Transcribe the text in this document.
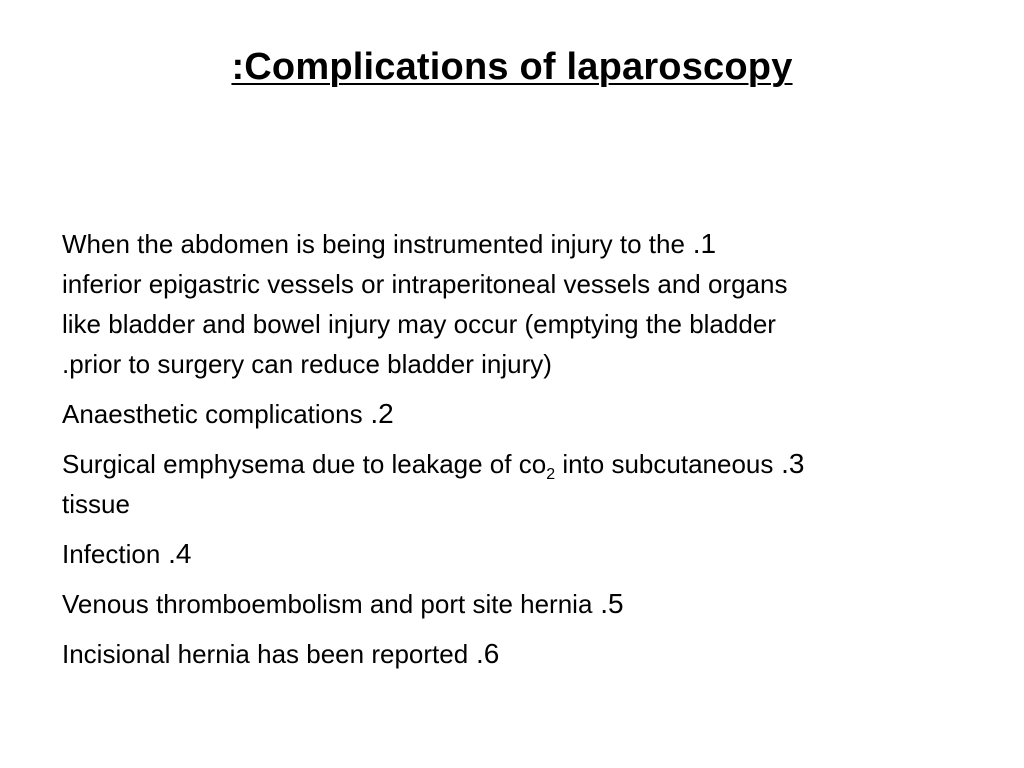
:Complications of laparoscopy
When the abdomen is being instrumented injury to the .1
inferior epigastric vessels or intraperitoneal vessels and organs
like bladder and bowel injury may occur (emptying the bladder
.prior to surgery can reduce bladder injury)
Anaesthetic complications .2
Surgical emphysema due to leakage of $co_2$ into subcutaneous .3
tissue
Infection .4
Venous thromboembolism and port site hernia .5
Incisional hernia has been reported .6
